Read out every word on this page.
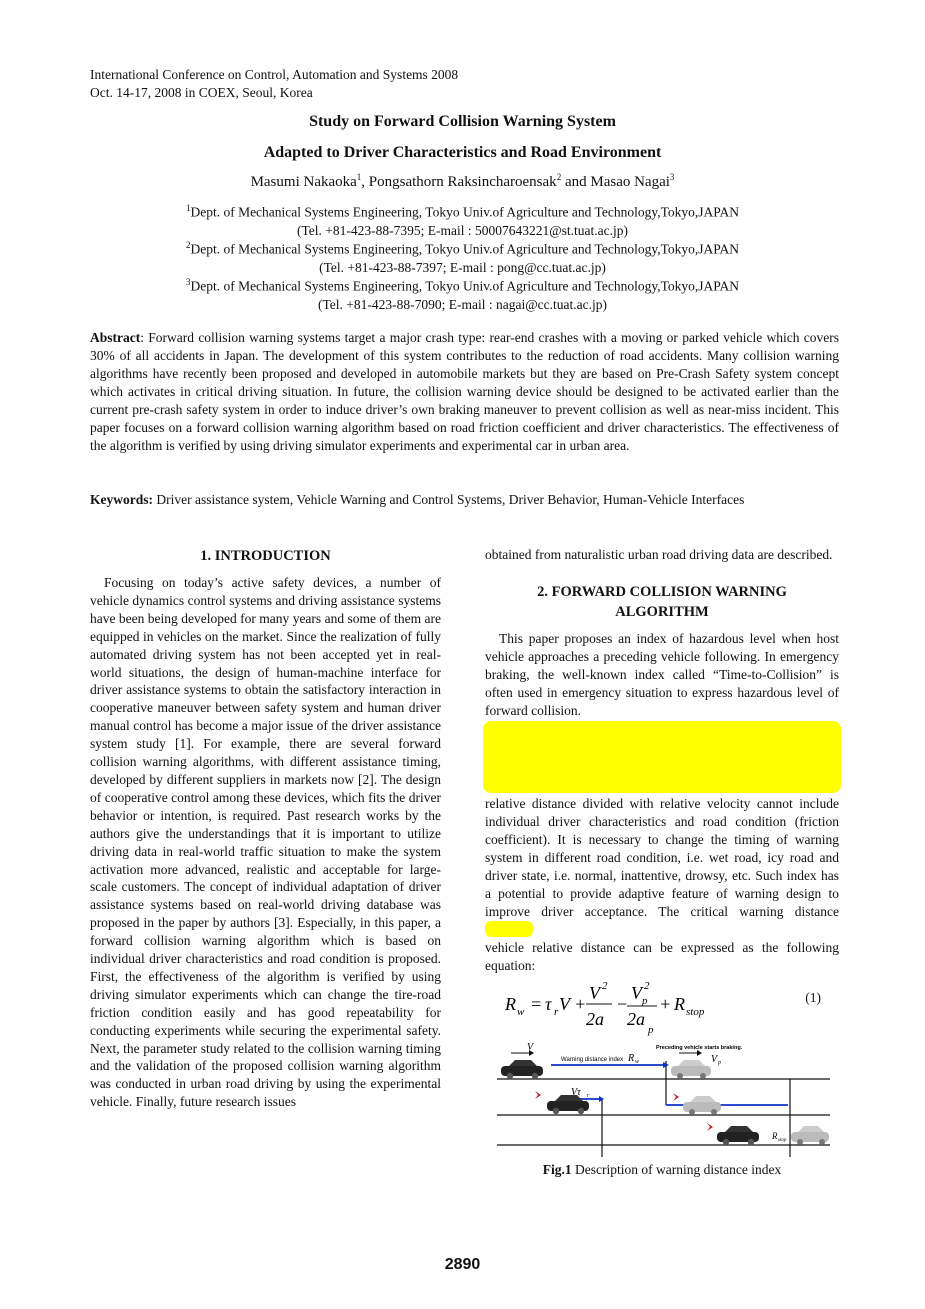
International Conference on Control, Automation and Systems 2008
Oct. 14-17, 2008 in COEX, Seoul, Korea
Study on Forward Collision Warning System
Adapted to Driver Characteristics and Road Environment
Masumi Nakaoka$^1$, Pongsathorn Raksincharoensak$^2$ and Masao Nagai$^3$
$^1$Dept. of Mechanical Systems Engineering, Tokyo Univ.of Agriculture and Technology,Tokyo,JAPAN
(Tel. +81-423-88-7395; E-mail : 50007643221@st.tuat.ac.jp)
$^2$Dept. of Mechanical Systems Engineering, Tokyo Univ.of Agriculture and Technology,Tokyo,JAPAN
(Tel. +81-423-88-7397; E-mail : pong@cc.tuat.ac.jp)
$^3$Dept. of Mechanical Systems Engineering, Tokyo Univ.of Agriculture and Technology,Tokyo,JAPAN
(Tel. +81-423-88-7090; E-mail : nagai@cc.tuat.ac.jp)
Abstract: Forward collision warning systems target a major crash type: rear-end crashes with a moving or parked vehicle which covers 30% of all accidents in Japan. The development of this system contributes to the reduction of road accidents. Many collision warning algorithms have recently been proposed and developed in automobile markets but they are based on Pre-Crash Safety system concept which activates in critical driving situation. In future, the collision warning device should be designed to be activated earlier than the current pre-crash safety system in order to induce driver’s own braking maneuver to prevent collision as well as near-miss incident. This paper focuses on a forward collision warning algorithm based on road friction coefficient and driver characteristics. The effectiveness of the algorithm is verified by using driving simulator experiments and experimental car in urban area.
Keywords: Driver assistance system, Vehicle Warning and Control Systems, Driver Behavior, Human-Vehicle Interfaces
1. INTRODUCTION

Focusing on today’s active safety devices, a number of vehicle dynamics control systems and driving assistance systems have been being developed for many years and some of them are equipped in vehicles on the market. Since the realization of fully automated driving system has not been accepted yet in real-world situations, the design of human-machine interface for driver assistance systems to obtain the satisfactory interaction in cooperative maneuver between safety system and human driver manual control has become a major issue of the driver assistance system study [1]. For example, there are several forward collision warning algorithms, with different assistance timing, developed by different suppliers in markets now [2]. The design of cooperative control among these devices, which fits the driver behavior or intention, is required. Past research works by the authors give the understandings that it is important to utilize driving data in real-world traffic situation to make the system activation more advanced, realistic and acceptable for large-scale customers. The concept of individual adaptation of driver assistance systems based on real-world driving database was proposed in the paper by authors [3]. Especially, in this paper, a forward collision warning algorithm which is based on individual driver characteristics and road condition is proposed. First, the effectiveness of the algorithm is verified by using driving simulator experiments which can change the tire-road friction condition easily and has good repeatability for conducting experiments while securing the experimental safety. Next, the parameter study related to the collision warning timing and the validation of the proposed collision warning algorithm was conducted in urban road driving by using the experimental vehicle. Finally, future research issues

obtained from naturalistic urban road driving data are described.

2. FORWARD COLLISION WARNING
ALGORITHM

This paper proposes an index of hazardous level when host vehicle approaches a preceding vehicle following. In emergency braking, the well-known index called “Time-to-Collision” is often used in emergency situation to express hazardous level of forward collision.

relative distance divided with relative velocity cannot include individual driver characteristics and road condition (friction coefficient). It is necessary to change the timing of warning system in different road condition, i.e. wet road, icy road and driver state, i.e. normal, inattentive, drowsy, etc. Such index has a potential to provide adaptive feature of warning design to improve driver acceptance. The critical warning distance

vehicle relative distance can be expressed as the following equation:

R w = τ r V +
V 2
2a
−
V p
2
2a
p
+ R stop
(1)
V
Warning distance index R w
Preceding vehicle starts braking.
V p
Vτ r
R stop
Fig.1 Description of warning distance index
2890
